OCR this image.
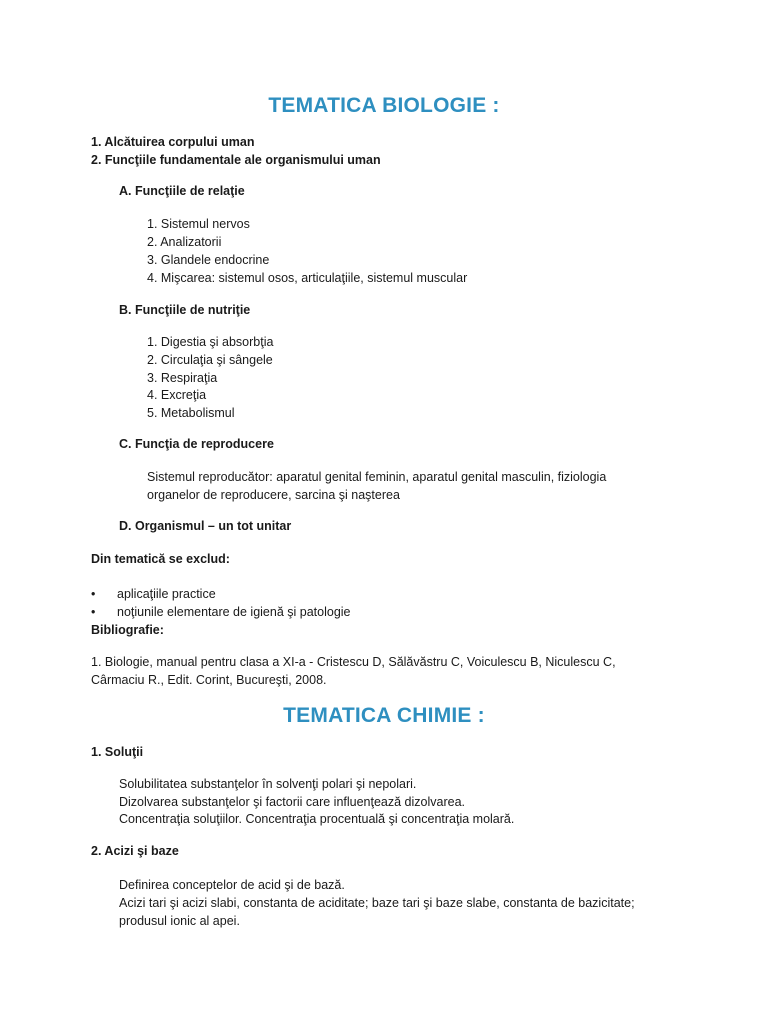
TEMATICA BIOLOGIE :
1. Alcătuirea corpului uman
2. Funcţiile fundamentale ale organismului uman
A. Funcţiile de relaţie
1. Sistemul nervos
2. Analizatorii
3. Glandele endocrine
4. Mişcarea: sistemul osos, articulaţiile, sistemul muscular
B. Funcţiile de nutriţie
1. Digestia şi absorbţia
2. Circulaţia şi sângele
3. Respiraţia
4. Excreţia
5. Metabolismul
C. Funcţia de reproducere
Sistemul reproducător: aparatul genital feminin, aparatul genital masculin, fiziologia
organelor de reproducere, sarcina şi naşterea
D. Organismul – un tot unitar
Din tematică se exclud:
• aplicaţiile practice
• noţiunile elementare de igienă şi patologie
Bibliografie:
1. Biologie, manual pentru clasa a XI-a - Cristescu D, Sălăvăstru C, Voiculescu B, Niculescu C,
Cârmaciu R., Edit. Corint, Bucureşti, 2008.
TEMATICA CHIMIE :
1. Soluţii
Solubilitatea substanţelor în solvenţi polari şi nepolari.
Dizolvarea substanţelor şi factorii care influenţează dizolvarea.
Concentraţia soluţiilor. Concentraţia procentuală şi concentraţia molară.
2. Acizi şi baze
Definirea conceptelor de acid şi de bază.
Acizi tari şi acizi slabi, constanta de aciditate; baze tari şi baze slabe, constanta de bazicitate;
produsul ionic al apei.
